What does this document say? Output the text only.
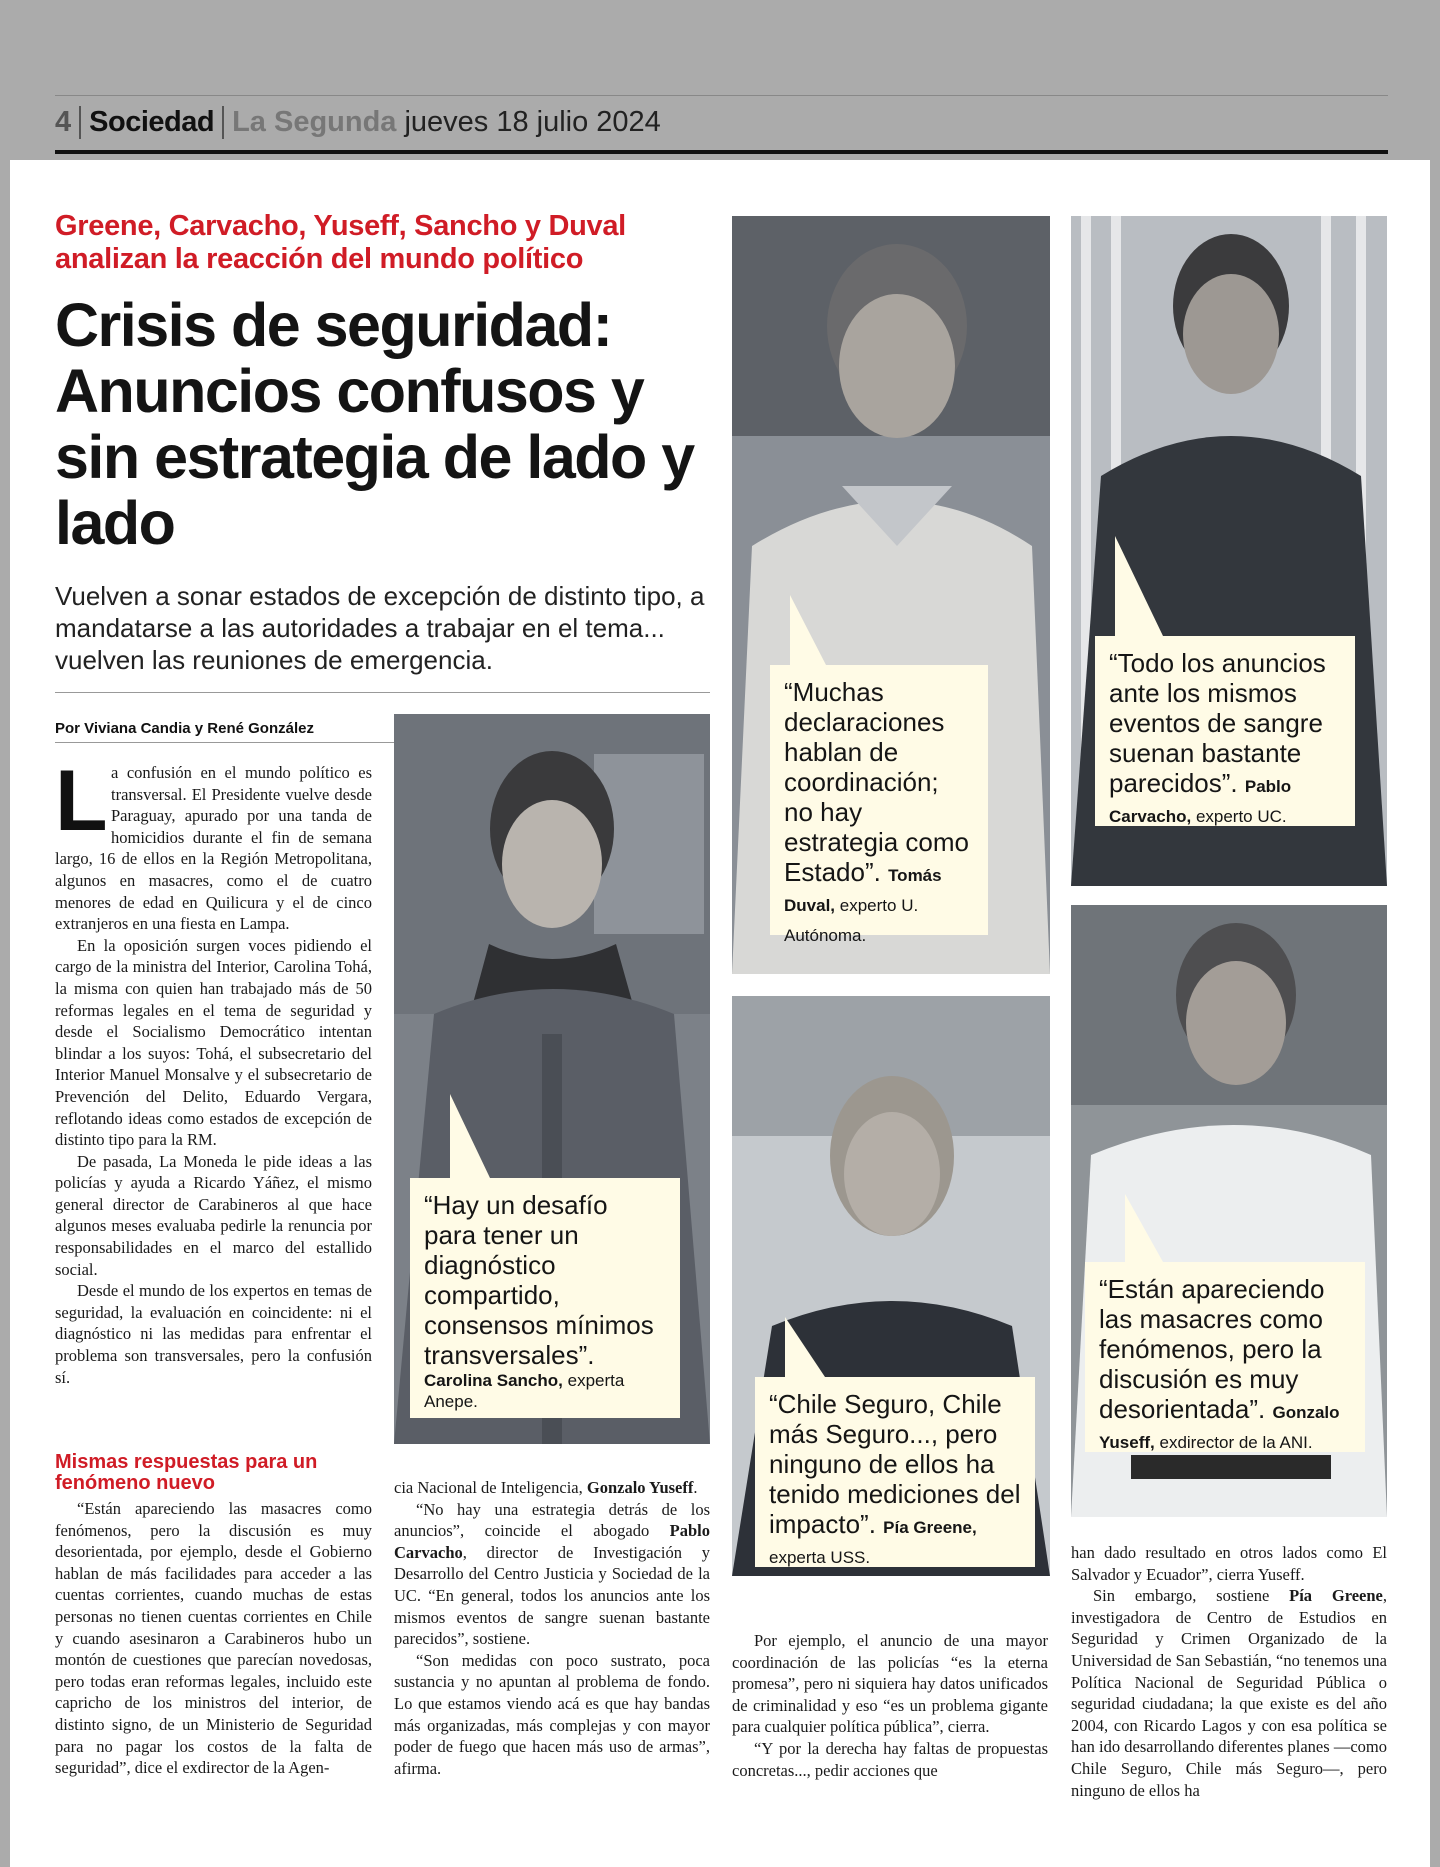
4 Sociedad La Segunda jueves 18 julio 2024
Greene, Carvacho, Yuseff, Sancho y Duval analizan la reacción del mundo político
Crisis de seguridad: Anuncios confusos y sin estrategia de lado y lado
Vuelven a sonar estados de excepción de distinto tipo, a mandatarse a las autoridades a trabajar en el tema... vuelven las reuniones de emergencia.
Por Viviana Candia y René González
L a confusión en el mundo político es transversal. El Presidente vuelve desde Paraguay, apurado por una tanda de homicidios durante el fin de semana largo, 16 de ellos en la Región Metropolitana, algunos en masacres, como el de cuatro menores de edad en Quilicura y el de cinco extranjeros en una fiesta en Lampa.

En la oposición surgen voces pidiendo el cargo de la ministra del Interior, Carolina Tohá, la misma con quien han trabajado más de 50 reformas legales en el tema de seguridad y desde el Socialismo Democrático intentan blindar a los suyos: Tohá, el subsecretario del Interior Manuel Monsalve y el subsecretario de Prevención del Delito, Eduardo Vergara, reflotando ideas como estados de excepción de distinto tipo para la RM.

De pasada, La Moneda le pide ideas a las policías y ayuda a Ricardo Yáñez, el mismo general director de Carabineros al que hace algunos meses evaluaba pedirle la renuncia por responsabilidades en el marco del estallido social.

Desde el mundo de los expertos en temas de seguridad, la evaluación en coincidente: ni el diagnóstico ni las medidas para enfrentar el problema son transversales, pero la confusión sí.

Mismas respuestas para un fenómeno nuevo

“Están apareciendo las masacres como fenómenos, pero la discusión es muy desorientada, por ejemplo, desde el Gobierno hablan de más facilidades para acceder a las cuentas corrientes, cuando muchas de estas personas no tienen cuentas corrientes en Chile y cuando asesinaron a Carabineros hubo un montón de cuestiones que parecían novedosas, pero todas eran reformas legales, incluido este capricho de los ministros del interior, de distinto signo, de un Ministerio de Seguridad para no pagar los costos de la falta de seguridad”, dice el exdirector de la Agen-

cia Nacional de Inteligencia, Gonzalo Yuseff.

“No hay una estrategia detrás de los anuncios”, coincide el abogado Pablo Carvacho, director de Investigación y Desarrollo del Centro Justicia y Sociedad de la UC. “En general, todos los anuncios ante los mismos eventos de sangre suenan bastante parecidos”, sostiene.

“Son medidas con poco sustrato, poca sustancia y no apuntan al problema de fondo. Lo que estamos viendo acá es que hay bandas más organizadas, más complejas y con mayor poder de fuego que hacen más uso de armas”, afirma.

Por ejemplo, el anuncio de una mayor coordinación de las policías “es la eterna promesa”, pero ni siquiera hay datos unificados de criminalidad y eso “es un problema gigante para cualquier política pública”, cierra.

“Y por la derecha hay faltas de propuestas concretas..., pedir acciones que

han dado resultado en otros lados como El Salvador y Ecuador”, cierra Yuseff.

Sin embargo, sostiene Pía Greene, investigadora de Centro de Estudios en Seguridad y Crimen Organizado de la Universidad de San Sebastián, “no tenemos una Política Nacional de Seguridad Pública o seguridad ciudadana; la que existe es del año 2004, con Ricardo Lagos y con esa política se han ido desarrollando diferentes planes —como Chile Seguro, Chile más Seguro—, pero ninguno de ellos ha

“Hay un desafío para tener un diagnóstico compartido, consensos mínimos transversales”.
Carolina Sancho, experta Anepe.
“Muchas declaraciones hablan de coordinación; no hay estrategia como Estado”. Tomás Duval, experto U. Autónoma.
“Todo los anuncios ante los mismos eventos de sangre suenan bastante parecidos”. Pablo Carvacho, experto UC.
“Chile Seguro, Chile más Seguro..., pero ninguno de ellos ha tenido mediciones del impacto”. Pía Greene, experta USS.
“Están apareciendo las masacres como fenómenos, pero la discusión es muy desorientada”. Gonzalo Yuseff, exdirector de la ANI.
